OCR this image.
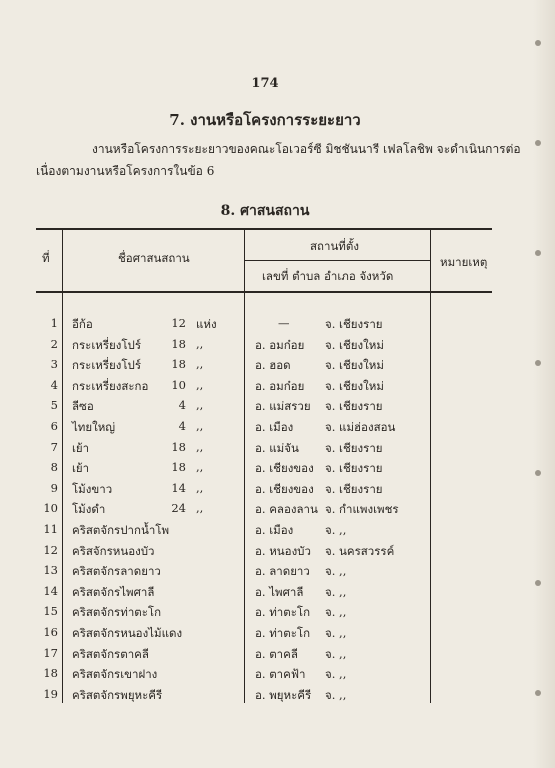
174
7. งานหรือโครงการระยะยาว
งานหรือโครงการระยะยาวของคณะโอเวอร์ซี มิชชันนารี เฟลโลชิพ จะดำเนินการต่อ
เนื่องตามงานหรือโครงการในข้อ 6
8. ศาสนสถาน
ที่	ชื่อศาสนสถาน
สถานที่ตั้ง
เลขที่ ตำบล อำเภอ จังหวัด
หมายเหตุ
1 อีก้อ	12 แห่ง	—	จ. เชียงราย
2 กระเหรี่ยงโปร์	18 ,,	อ. อมก๋อย จ. เชียงใหม่
3 กระเหรี่ยงโปร์	18 ,,	อ. ฮอด	จ. เชียงใหม่
4 กระเหรี่ยงสะกอ	10 ,,	อ. อมก๋อย จ. เชียงใหม่
5 ลีซอ	4 ,,	อ. แม่สรวย จ. เชียงราย
6 ไทยใหญ่	4 ,,	อ. เมือง	จ. แม่ฮ่องสอน
7 เย้า	18 ,,	อ. แม่จัน จ. เชียงราย
8 เย้า	18 ,,	อ. เชียงของ จ. เชียงราย
9 โม้งขาว	14 ,,	อ. เชียงของ จ. เชียงราย
10 โม้งดำ	24 ,,	อ. คลองลาน จ. กำแพงเพชร
11 คริสตจักรปากน้ำโพ	อ. เมือง	จ. ,,
12 คริสจักรหนองบัว	อ. หนองบัว จ. นครสวรรค์
13 คริสตจักรลาดยาว	อ. ลาดยาว จ. ,,
14 คริสตจักรไพศาลี	อ. ไพศาลี จ. ,,
15 คริสตจักรท่าตะโก	อ. ท่าตะโก จ. ,,
16 คริสตจักรหนองไม้แดง	อ. ท่าตะโก จ. ,,
17 คริสตจักรตาคลี	อ. ตาคลี จ. ,,
18 คริสตจักรเขาฝาง	อ. ตาคฟ้า จ. ,,
19 คริสตจักรพยุหะคีรี	อ. พยุหะคีรี จ. ,,
